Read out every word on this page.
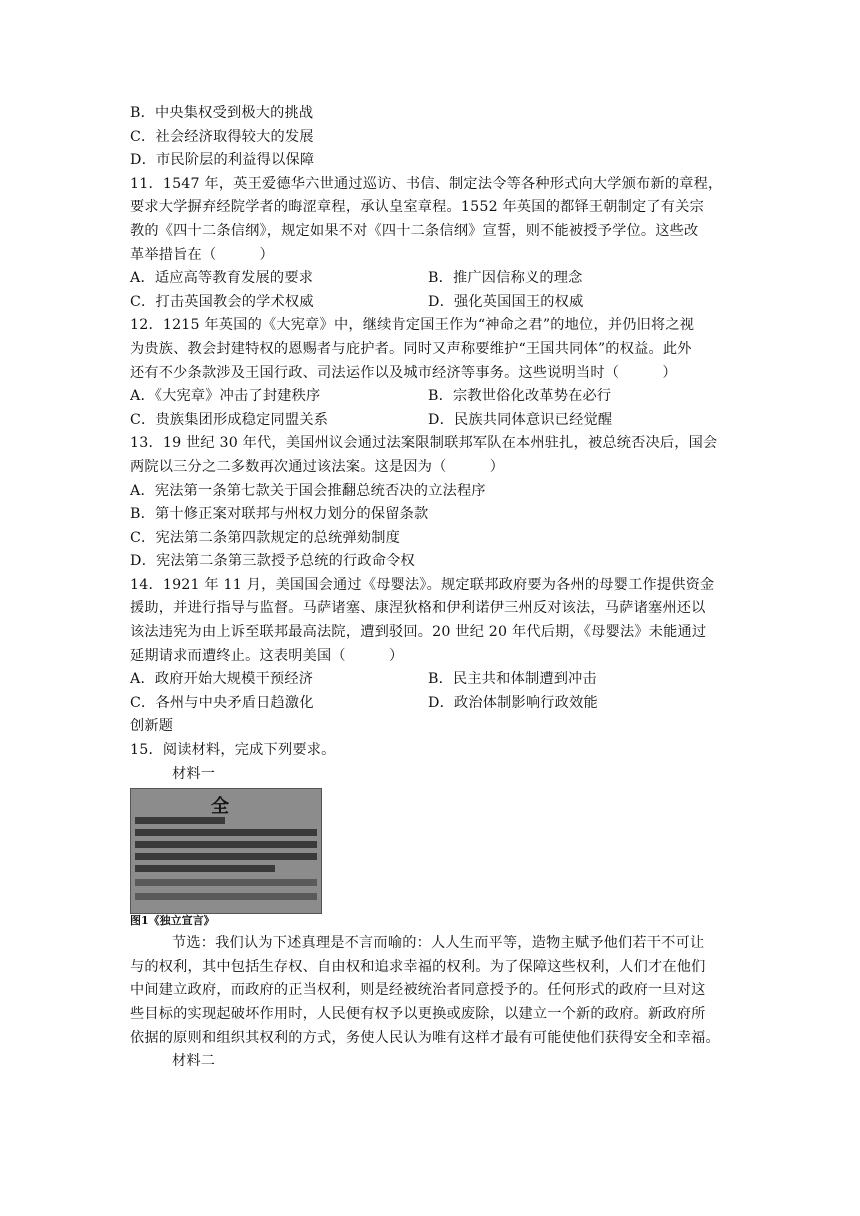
B．中央集权受到极大的挑战
C．社会经济取得较大的发展
D．市民阶层的利益得以保障
11．1547 年，英王爱德华六世通过巡访、书信、制定法令等各种形式向大学颁布新的章程，
要求大学摒弃经院学者的晦涩章程，承认皇室章程。1552 年英国的都铎王朝制定了有关宗
教的《四十二条信纲》，规定如果不对《四十二条信纲》宣誓，则不能被授予学位。这些改
革举措旨在（　　　）
A．适应高等教育发展的要求	B．推广因信称义的理念
C．打击英国教会的学术权威	D．强化英国国王的权威
12．1215 年英国的《大宪章》中，继续肯定国王作为“神命之君”的地位，并仍旧将之视
为贵族、教会封建特权的恩赐者与庇护者。同时又声称要维护“王国共同体”的权益。此外
还有不少条款涉及王国行政、司法运作以及城市经济等事务。这些说明当时（　　　）
A．《大宪章》冲击了封建秩序	B．宗教世俗化改革势在必行
C．贵族集团形成稳定同盟关系	D．民族共同体意识已经觉醒
13．19 世纪 30 年代，美国州议会通过法案限制联邦军队在本州驻扎，被总统否决后，国会
两院以三分之二多数再次通过该法案。这是因为（　　　）
A．宪法第一条第七款关于国会推翻总统否决的立法程序
B．第十修正案对联邦与州权力划分的保留条款
C．宪法第二条第四款规定的总统弹劾制度
D．宪法第二条第三款授予总统的行政命令权
14．1921 年 11 月，美国国会通过《母婴法》。规定联邦政府要为各州的母婴工作提供资金
援助，并进行指导与监督。马萨诸塞、康涅狄格和伊利诺伊三州反对该法，马萨诸塞州还以
该法违宪为由上诉至联邦最高法院，遭到驳回。20 世纪 20 年代后期，《母婴法》未能通过
延期请求而遭终止。这表明美国（　　　）
A．政府开始大规模干预经济	B．民主共和体制遭到冲击
C．各州与中央矛盾日趋激化	D．政治体制影响行政效能
创新题
15．阅读材料，完成下列要求。
材料一
全
图1《独立宣言》
节选：我们认为下述真理是不言而喻的：人人生而平等，造物主赋予他们若干不可让
与的权利，其中包括生存权、自由权和追求幸福的权利。为了保障这些权利，人们才在他们
中间建立政府，而政府的正当权利，则是经被统治者同意授予的。任何形式的政府一旦对这
些目标的实现起破坏作用时，人民便有权予以更换或废除，以建立一个新的政府。新政府所
依据的原则和组织其权利的方式，务使人民认为唯有这样才最有可能使他们获得安全和幸福。
材料二
